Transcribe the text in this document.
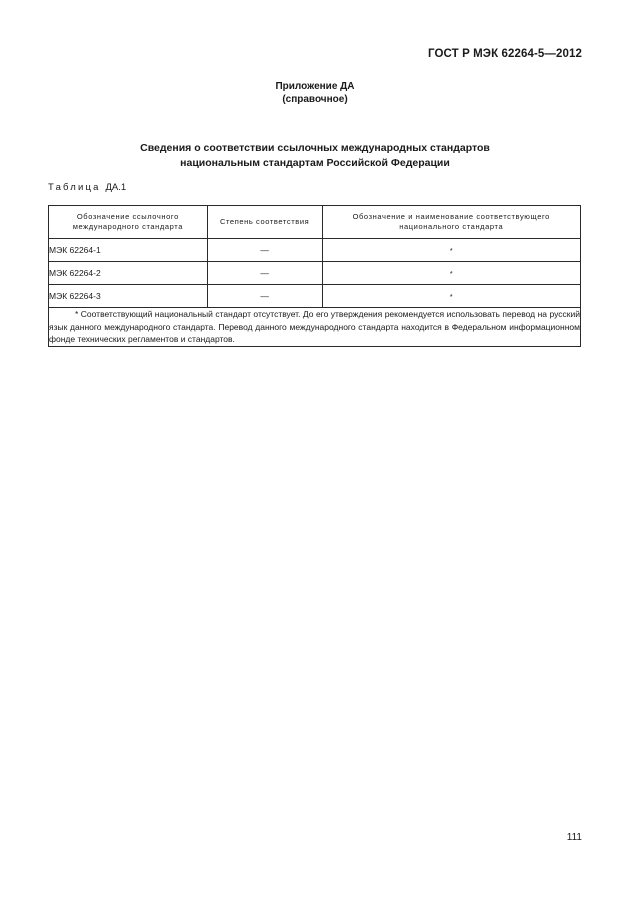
ГОСТ Р МЭК 62264-5—2012
Приложение ДА
(справочное)
Сведения о соответствии ссылочных международных стандартов
национальным стандартам Российской Федерации
Таблица ДА.1
Обозначение ссылочного международного стандарта	Степень соответствия	Обозначение и наименование соответствующего национального стандарта
МЭК 62264-1	—	*
МЭК 62264-2	—	*
МЭК 62264-3	—	*
* Соответствующий национальный стандарт отсутствует. До его утверждения рекомендуется использовать перевод на русский язык данного международного стандарта. Перевод данного международного стандарта находится в Федеральном информационном фонде технических регламентов и стандартов.		
111
